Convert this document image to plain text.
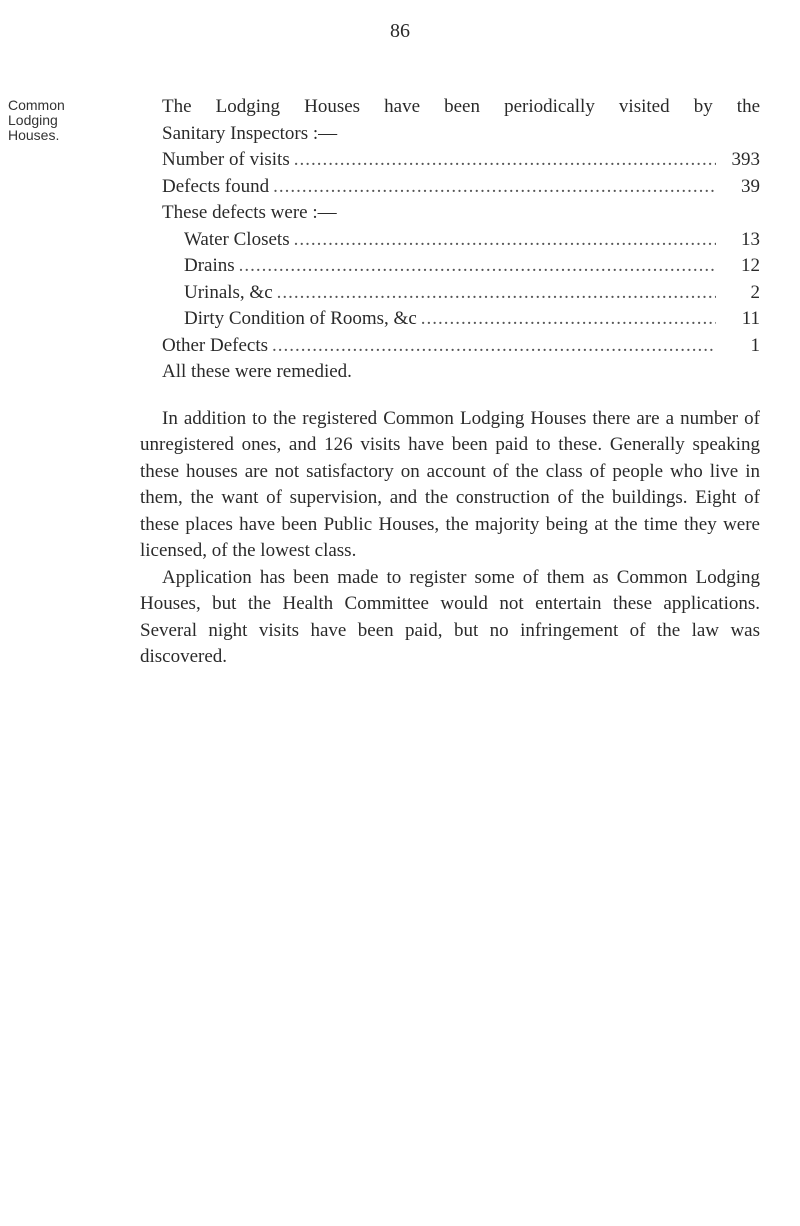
86
Common
Lodging
Houses.
The Lodging Houses have been periodically visited by the
Sanitary Inspectors :—
Number of visits .....	393
Defects found .....	39
These defects were :—
Water Closets .....	13
Drains .....	12
Urinals, &c .....	2
Dirty Condition of Rooms, &c .....	11
Other Defects .....	1
All these were remedied.

In addition to the registered Common Lodging Houses there are a number of unregistered ones, and 126 visits have been paid to these. Generally speaking these houses are not satisfactory on account of the class of people who live in them, the want of supervision, and the construction of the buildings. Eight of these places have been Public Houses, the majority being at the time they were licensed, of the lowest class.

Application has been made to register some of them as Common Lodging Houses, but the Health Committee would not entertain these applications. Several night visits have been paid, but no infringement of the law was discovered.
